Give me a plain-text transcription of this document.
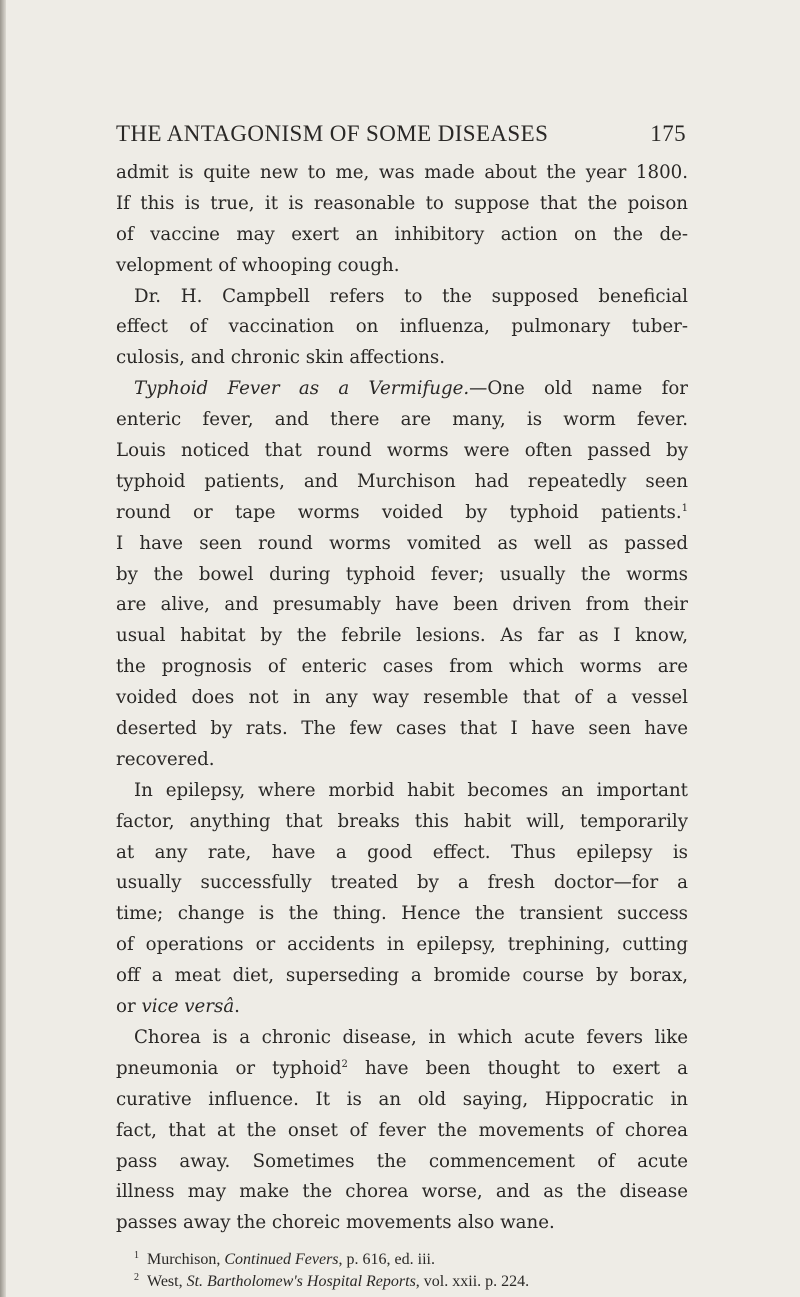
THE ANTAGONISM OF SOME DISEASES	175
admit is quite new to me, was made about the year 1800.
If this is true, it is reasonable to suppose that the poison
of vaccine may exert an inhibitory action on the de-
velopment of whooping cough.
Dr. H. Campbell refers to the supposed beneficial
effect of vaccination on influenza, pulmonary tuber-
culosis, and chronic skin affections.
Typhoid Fever as a Vermifuge.—One old name for
enteric fever, and there are many, is worm fever.
Louis noticed that round worms were often passed by
typhoid patients, and Murchison had repeatedly seen
round or tape worms voided by typhoid patients.$^1$
I have seen round worms vomited as well as passed
by the bowel during typhoid fever; usually the worms
are alive, and presumably have been driven from their
usual habitat by the febrile lesions. As far as I know,
the prognosis of enteric cases from which worms are
voided does not in any way resemble that of a vessel
deserted by rats. The few cases that I have seen have
recovered.
In epilepsy, where morbid habit becomes an important
factor, anything that breaks this habit will, temporarily
at any rate, have a good effect. Thus epilepsy is
usually successfully treated by a fresh doctor—for a
time; change is the thing. Hence the transient success
of operations or accidents in epilepsy, trephining, cutting
off a meat diet, superseding a bromide course by borax,
or vice versâ.
Chorea is a chronic disease, in which acute fevers like
pneumonia or typhoid$^2$ have been thought to exert a
curative influence. It is an old saying, Hippocratic in
fact, that at the onset of fever the movements of chorea
pass away. Sometimes the commencement of acute
illness may make the chorea worse, and as the disease
passes away the choreic movements also wane.
$^1$ Murchison, Continued Fevers, p. 616, ed. iii.
$^2$ West, St. Bartholomew's Hospital Reports, vol. xxii. p. 224.
